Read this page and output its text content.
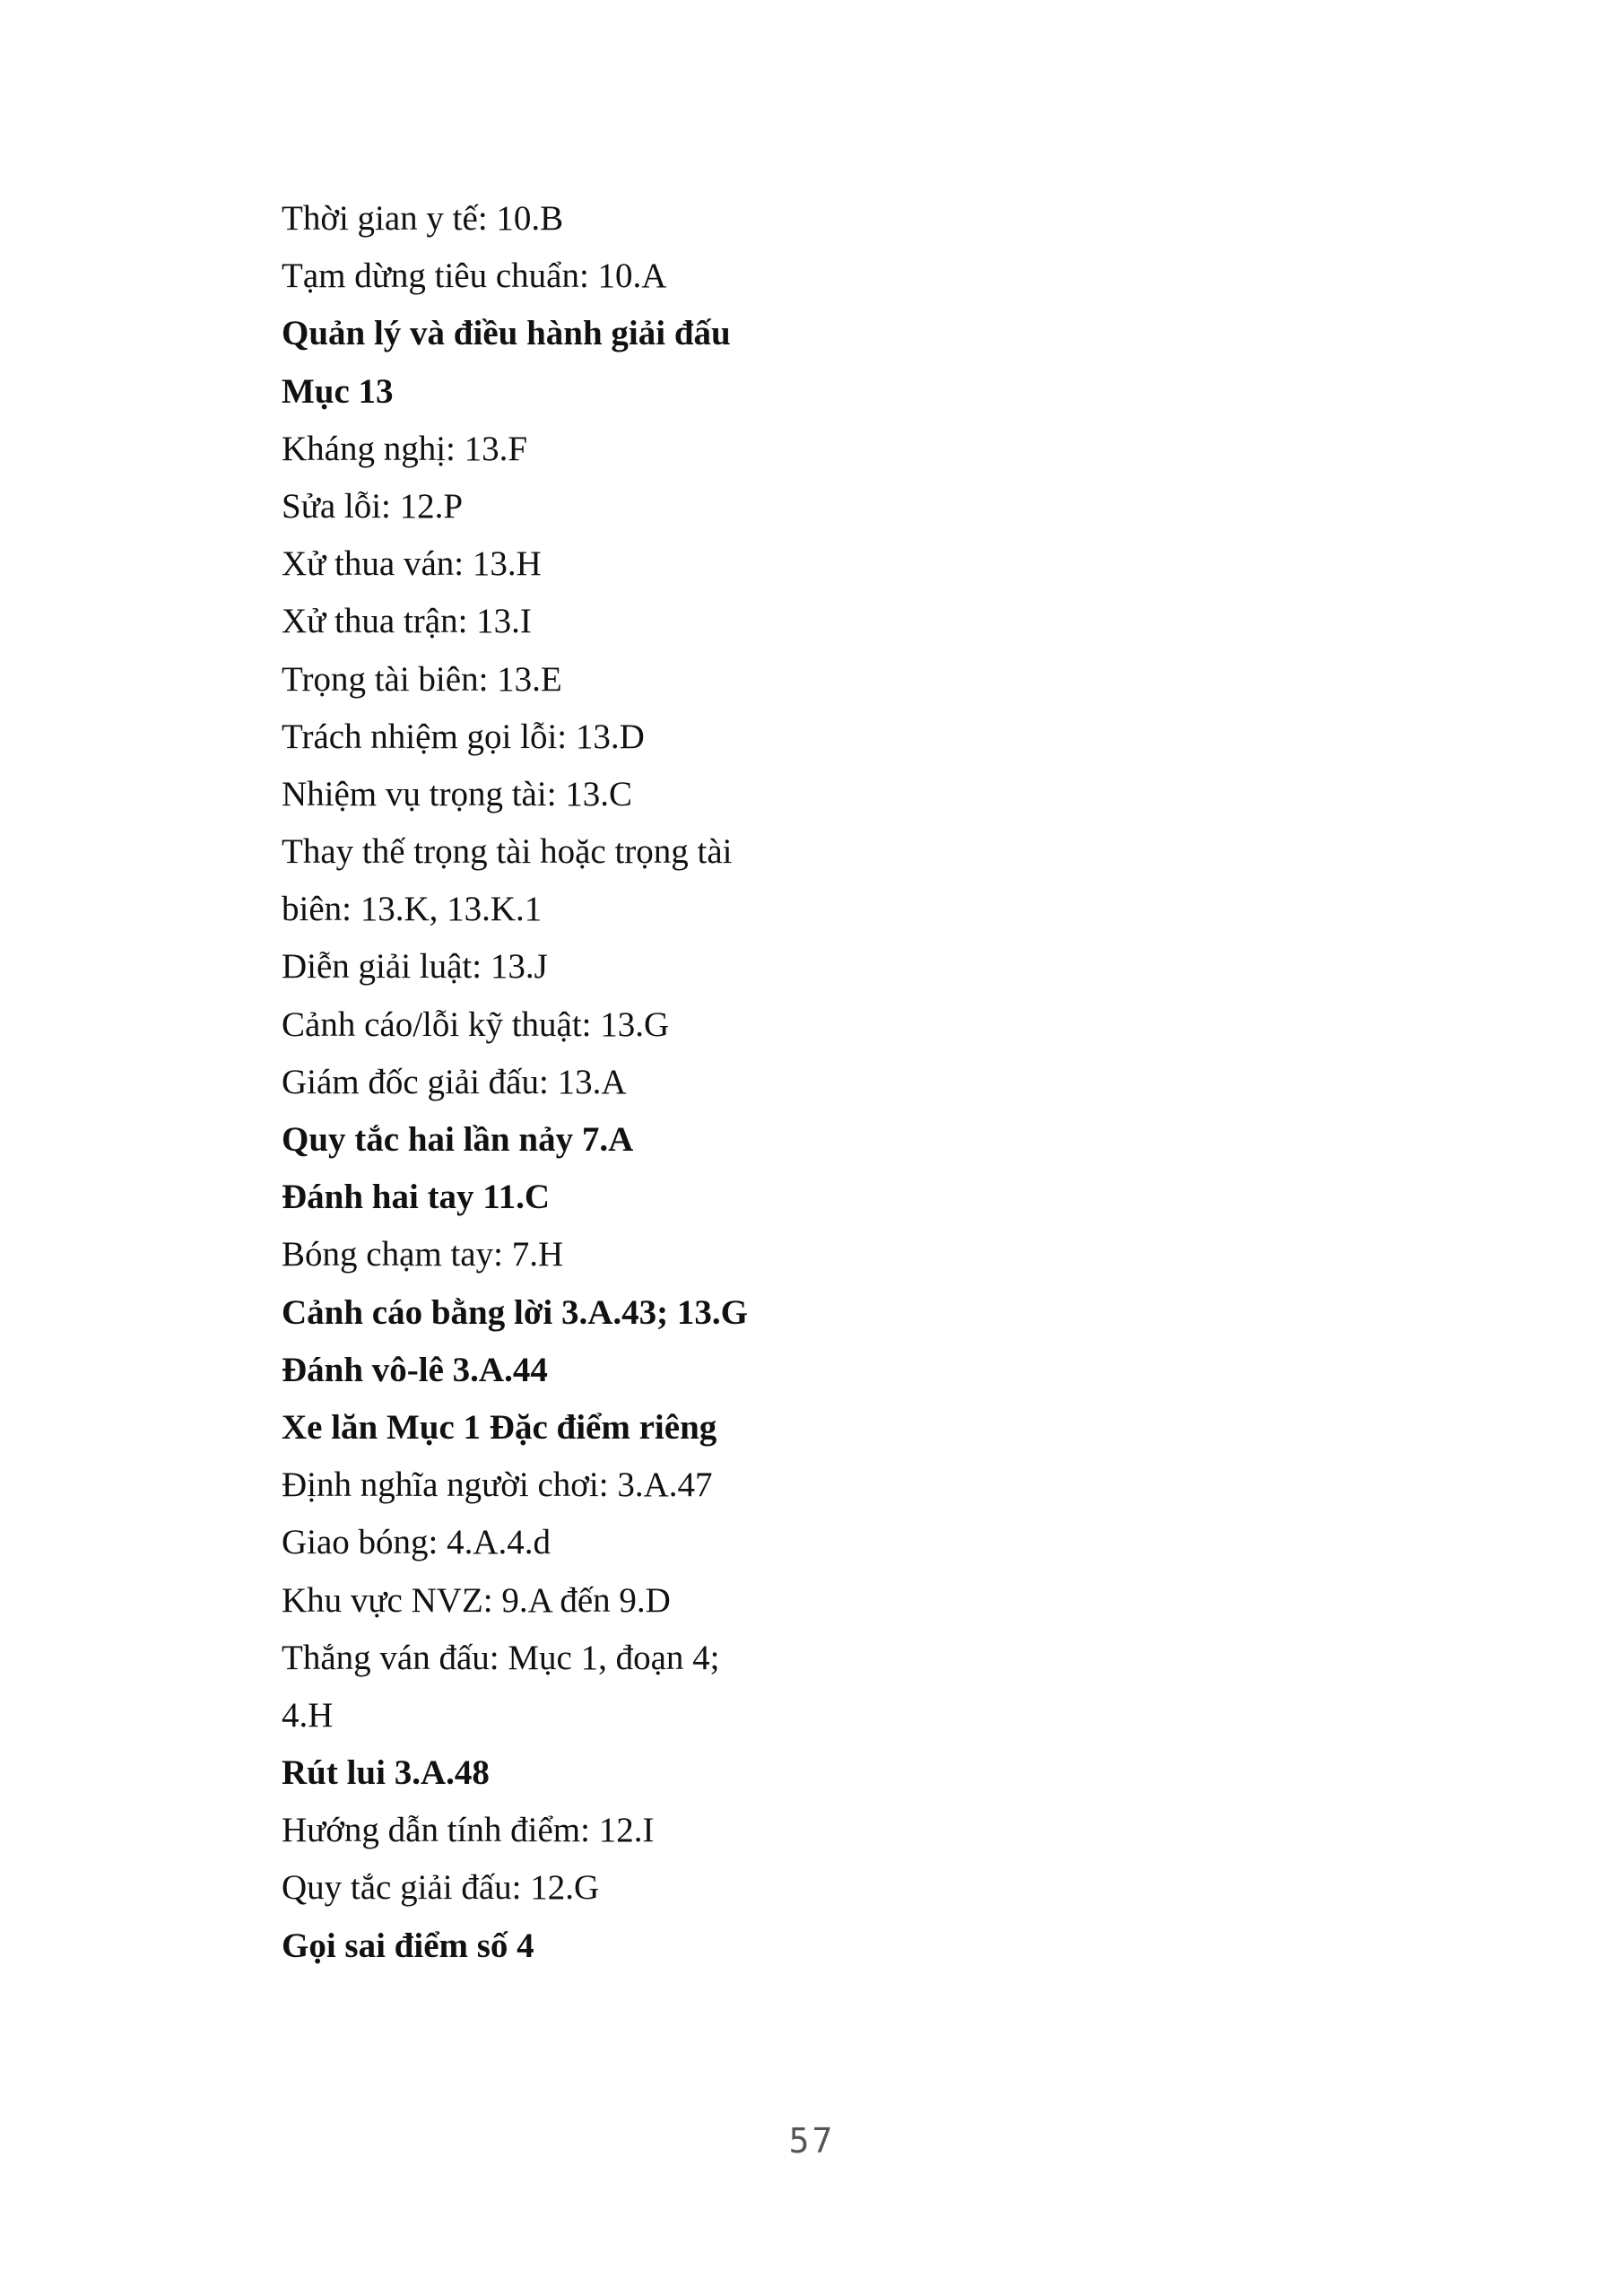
Thời gian y tế: 10.B
Tạm dừng tiêu chuẩn: 10.A
Quản lý và điều hành giải đấu
Mục 13
Kháng nghị: 13.F
Sửa lỗi: 12.P
Xử thua ván: 13.H
Xử thua trận: 13.I
Trọng tài biên: 13.E
Trách nhiệm gọi lỗi: 13.D
Nhiệm vụ trọng tài: 13.C
Thay thế trọng tài hoặc trọng tài
biên: 13.K, 13.K.1
Diễn giải luật: 13.J
Cảnh cáo/lỗi kỹ thuật: 13.G
Giám đốc giải đấu: 13.A
Quy tắc hai lần nảy 7.A
Đánh hai tay 11.C
Bóng chạm tay: 7.H
Cảnh cáo bằng lời 3.A.43; 13.G
Đánh vô-lê 3.A.44
Xe lăn Mục 1 Đặc điểm riêng
Định nghĩa người chơi: 3.A.47
Giao bóng: 4.A.4.d
Khu vực NVZ: 9.A đến 9.D
Thắng ván đấu: Mục 1, đoạn 4;
4.H
Rút lui 3.A.48
Hướng dẫn tính điểm: 12.I
Quy tắc giải đấu: 12.G
Gọi sai điểm số 4
57
